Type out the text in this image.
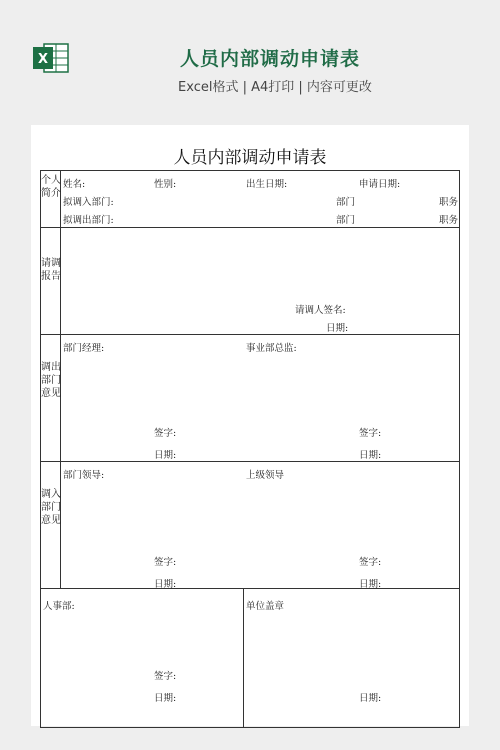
X	人员内部调动申请表
Excel格式 | A4打印 | 内容可更改
人员内部调动申请表
个人简介
姓名:	性别:	出生日期:	申请日期:
拟调入部门:	部门	职务
拟调出部门:	部门	职务
请调报告
请调人签名:
日期:
调出部门意见
部门经理:	事业部总监:
签字:	签字:
日期:	日期:
调入部门意见
部门领导:	上级领导
签字:	签字:
日期:	日期:
人事部:	单位盖章
签字:
日期:	日期:
